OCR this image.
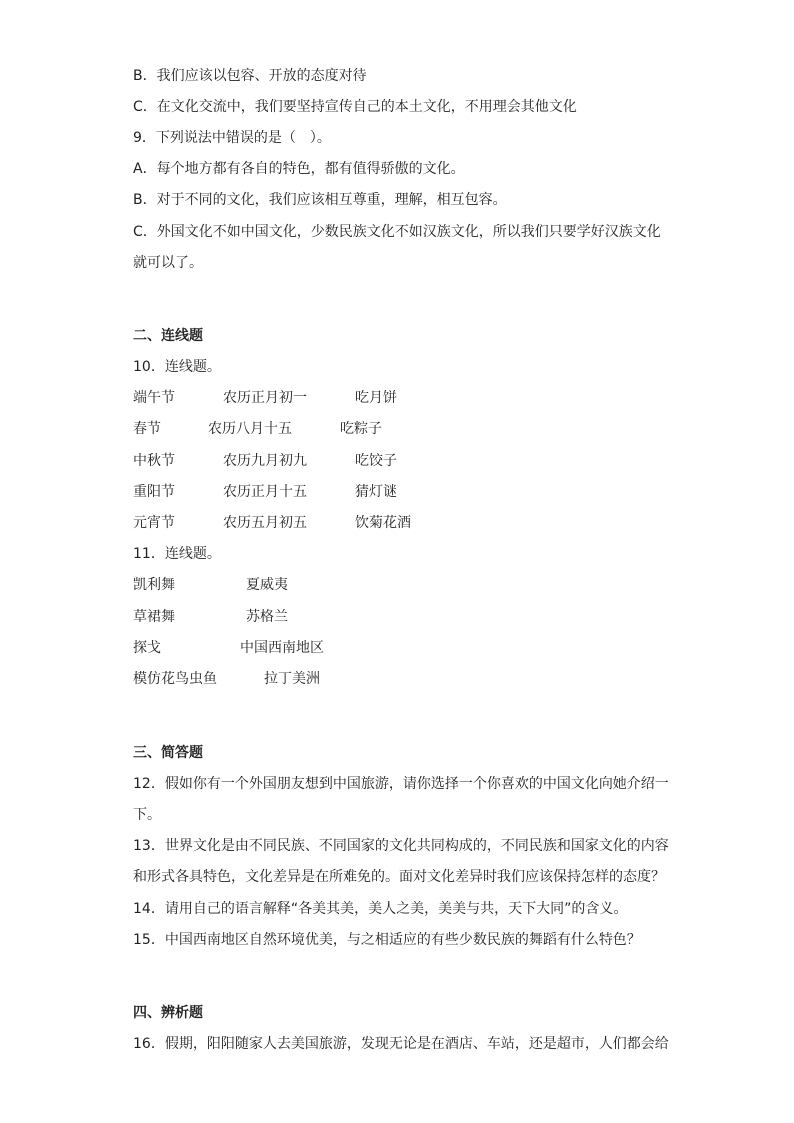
B．我们应该以包容、开放的态度对待
C．在文化交流中，我们要坚持宣传自己的本土文化，不用理会其他文化
9．下列说法中错误的是（　）。
A．每个地方都有各自的特色，都有值得骄傲的文化。
B．对于不同的文化，我们应该相互尊重，理解，相互包容。
C．外国文化不如中国文化，少数民族文化不如汉族文化，所以我们只要学好汉族文化
就可以了。
二、连线题
10．连线题。
端午节	农历正月初一	吃月饼
春节	农历八月十五	吃粽子
中秋节	农历九月初九	吃饺子
重阳节	农历正月十五	猜灯谜
元宵节	农历五月初五	饮菊花酒
11．连线题。
凯利舞	夏威夷
草裙舞	苏格兰
探戈	中国西南地区
模仿花鸟虫鱼	拉丁美洲
三、简答题
12．假如你有一个外国朋友想到中国旅游，请你选择一个你喜欢的中国文化向她介绍一
下。
13．世界文化是由不同民族、不同国家的文化共同构成的，不同民族和国家文化的内容
和形式各具特色，文化差异是在所难免的。面对文化差异时我们应该保持怎样的态度？
14．请用自己的语言解释“各美其美，美人之美，美美与共，天下大同”的含义。
15．中国西南地区自然环境优美，与之相适应的有些少数民族的舞蹈有什么特色？
四、辨析题
16．假期，阳阳随家人去美国旅游，发现无论是在酒店、车站，还是超市，人们都会给
